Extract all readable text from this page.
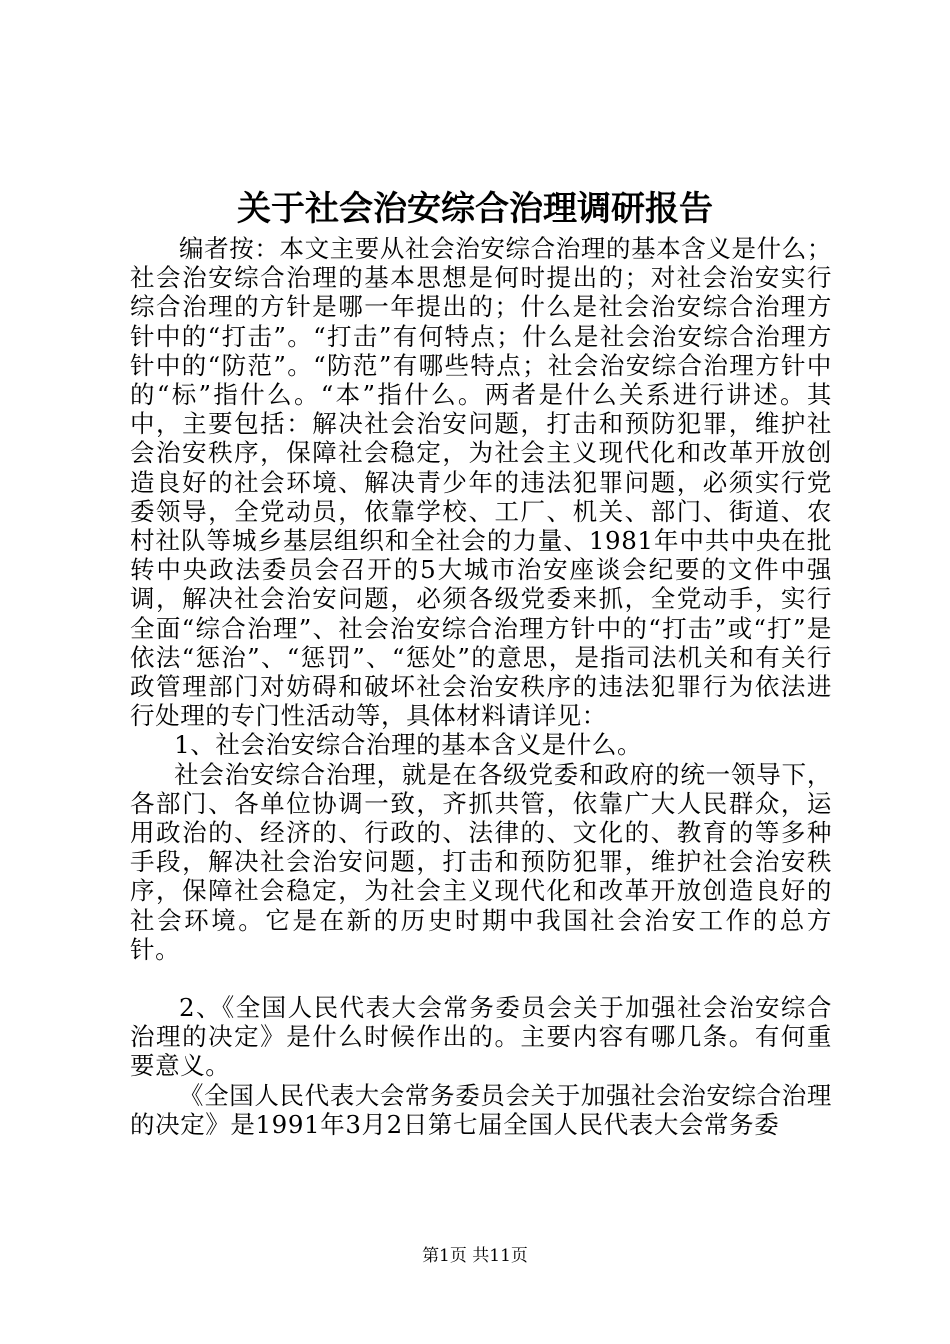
关于社会治安综合治理调研报告

编者按：本文主要从社会治安综合治理的基本含义是什么；社会治安综合治理的基本思想是何时提出的；对社会治安实行综合治理的方针是哪一年提出的；什么是社会治安综合治理方针中的“打击”。“打击”有何特点；什么是社会治安综合治理方针中的“防范”。“防范”有哪些特点；社会治安综合治理方针中的“标”指什么。“本”指什么。两者是什么关系进行讲述。其中，主要包括：解决社会治安问题，打击和预防犯罪，维护社会治安秩序，保障社会稳定，为社会主义现代化和改革开放创造良好的社会环境、解决青少年的违法犯罪问题，必须实行党委领导，全党动员，依靠学校、工厂、机关、部门、街道、农村社队等城乡基层组织和全社会的力量、1981年中共中央在批转中央政法委员会召开的5大城市治安座谈会纪要的文件中强调，解决社会治安问题，必须各级党委来抓，全党动手，实行全面“综合治理”、社会治安综合治理方针中的“打击”或“打”是依法“惩治”、“惩罚”、“惩处”的意思，是指司法机关和有关行政管理部门对妨碍和破坏社会治安秩序的违法犯罪行为依法进行处理的专门性活动等，具体材料请详见：

1、社会治安综合治理的基本含义是什么。

社会治安综合治理，就是在各级党委和政府的统一领导下，各部门、各单位协调一致，齐抓共管，依靠广大人民群众，运用政治的、经济的、行政的、法律的、文化的、教育的等多种手段，解决社会治安问题，打击和预防犯罪，维护社会治安秩序，保障社会稳定，为社会主义现代化和改革开放创造良好的社会环境。它是在新的历史时期中我国社会治安工作的总方针。

2、《全国人民代表大会常务委员会关于加强社会治安综合治理的决定》是什么时候作出的。主要内容有哪几条。有何重要意义。

《全国人民代表大会常务委员会关于加强社会治安综合治理的决定》是1991年3月2日第七届全国人民代表大会常务委

第1页 共11页
